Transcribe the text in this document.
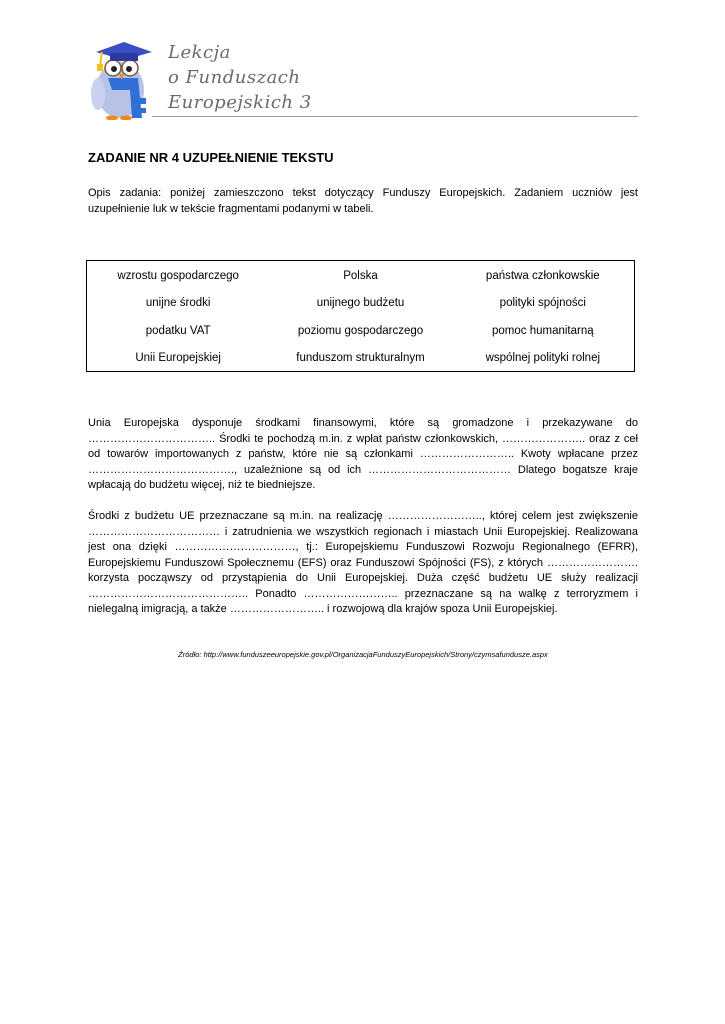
Lekcja
o Funduszach
Europejskich 3
ZADANIE NR 4 UZUPEŁNIENIE TEKSTU
Opis zadania: poniżej zamieszczono tekst dotyczący Funduszy Europejskich. Zadaniem uczniów jest uzupełnienie luk w tekście fragmentami podanymi w tabeli.
wzrostu gospodarczego	Polska	państwa członkowskie
unijne środki	unijnego budżetu	polityki spójności
podatku VAT	poziomu gospodarczego	pomoc humanitarną
Unii Europejskiej	funduszom strukturalnym	wspólnej polityki rolnej
Unia Europejska dysponuje środkami finansowymi, które są gromadzone i przekazywane do …………………………….. Środki te pochodzą m.in. z wpłat państw członkowskich, ………………….. oraz z ceł od towarów importowanych z państw, które nie są członkami …………………….. Kwoty wpłacane przez …………………………………., uzależnione są od ich ………………………………… Dlatego bogatsze kraje wpłacają do budżetu więcej, niż te biedniejsze.
Środki z budżetu UE przeznaczane są m.in. na realizację …………………….., której celem jest zwiększenie ……………………………… i zatrudnienia we wszystkich regionach i miastach Unii Europejskiej. Realizowana jest ona dzięki ……………………………, tj.: Europejskiemu Funduszowi Rozwoju Regionalnego (EFRR), Europejskiemu Funduszowi Społecznemu (EFS) oraz Funduszowi Spójności (FS), z których ……………………. korzysta począwszy od przystąpienia do Unii Europejskiej. Duża część budżetu UE służy realizacji …………………………………….. Ponadto …………………….. przeznaczane są na walkę z terroryzmem i nielegalną imigracją, a także …………………….. i rozwojową dla krajów spoza Unii Europejskiej.
Źródło: http://www.funduszeeuropejskie.gov.pl/OrganizacjaFunduszyEuropejskich/Strony/czymsafundusze.aspx
